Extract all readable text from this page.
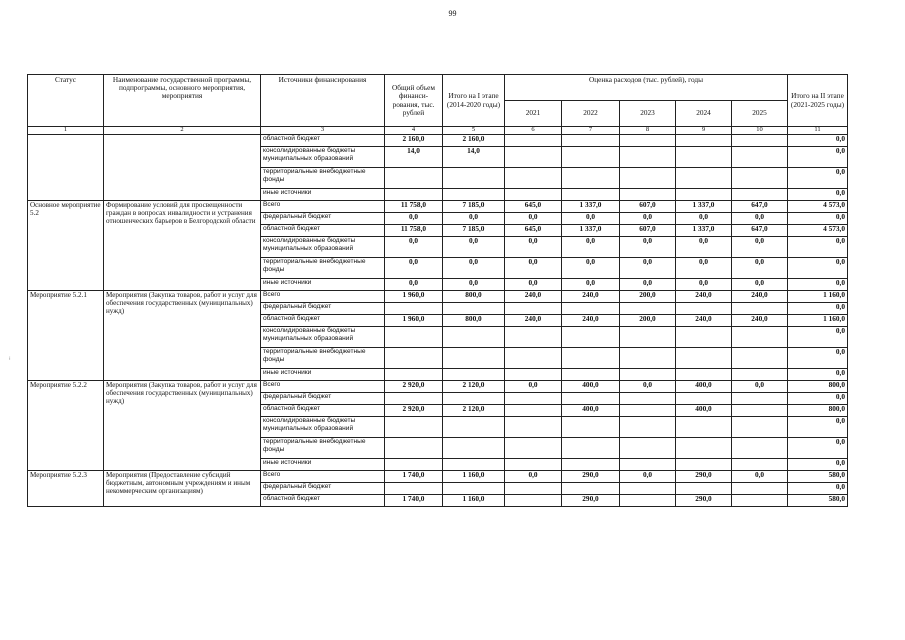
99
Статус	Наименование государственной программы, подпрограммы, основного мероприятия, мероприятия	Источники финансирования	Общий объем финанси-рования, тыс. рублей	Итого на I этапе (2014-2020 годы)	Оценка расходов (тыс. рублей), годы					Итого на II этапе (2021-2025 годы)
					2021	2022	2023	2024	2025	
1	2	3	4	5	6	7	8	9	10	11
		областной бюджет	2 160,0	2 160,0						0,0
		консолидированные бюджеты муниципальных образований	14,0	14,0						0,0
		территориальные внебюджетные фонды								0,0
		иные источники								0,0
Основное мероприятие 5.2	Формирование условий для просвещенности граждан в вопросах инвалидности и устранения отношенческих барьеров в Белгородской области	Всего	11 758,0	7 185,0	645,0	1 337,0	607,0	1 337,0	647,0	4 573,0
		федеральный бюджет	0,0	0,0	0,0	0,0	0,0	0,0	0,0	0,0
		областной бюджет	11 758,0	7 185,0	645,0	1 337,0	607,0	1 337,0	647,0	4 573,0
		консолидированные бюджеты муниципальных образований	0,0	0,0	0,0	0,0	0,0	0,0	0,0	0,0
		территориальные внебюджетные фонды	0,0	0,0	0,0	0,0	0,0	0,0	0,0	0,0
		иные источники	0,0	0,0	0,0	0,0	0,0	0,0	0,0	0,0
Мероприятие 5.2.1	Мероприятия (Закупка товаров, работ и услуг для обеспечения государственных (муниципальных) нужд)	Всего	1 960,0	800,0	240,0	240,0	200,0	240,0	240,0	1 160,0
		федеральный бюджет								0,0
		областной бюджет	1 960,0	800,0	240,0	240,0	200,0	240,0	240,0	1 160,0
		консолидированные бюджеты муниципальных образований								0,0
		территориальные внебюджетные фонды								0,0
		иные источники								0,0
Мероприятие 5.2.2	Мероприятия (Закупка товаров, работ и услуг для обеспечения государственных (муниципальных) нужд)	Всего	2 920,0	2 120,0	0,0	400,0	0,0	400,0	0,0	800,0
		федеральный бюджет								0,0
		областной бюджет	2 920,0	2 120,0		400,0		400,0		800,0
		консолидированные бюджеты муниципальных образований								0,0
		территориальные внебюджетные фонды								0,0
		иные источники								0,0
Мероприятие 5.2.3	Мероприятия (Предоставление субсидий бюджетным, автономным учреждениям и иным некоммерческим организациям)	Всего	1 740,0	1 160,0	0,0	290,0	0,0	290,0	0,0	580,0
		федеральный бюджет								0,0
		областной бюджет	1 740,0	1 160,0		290,0		290,0		580,0
⁝
